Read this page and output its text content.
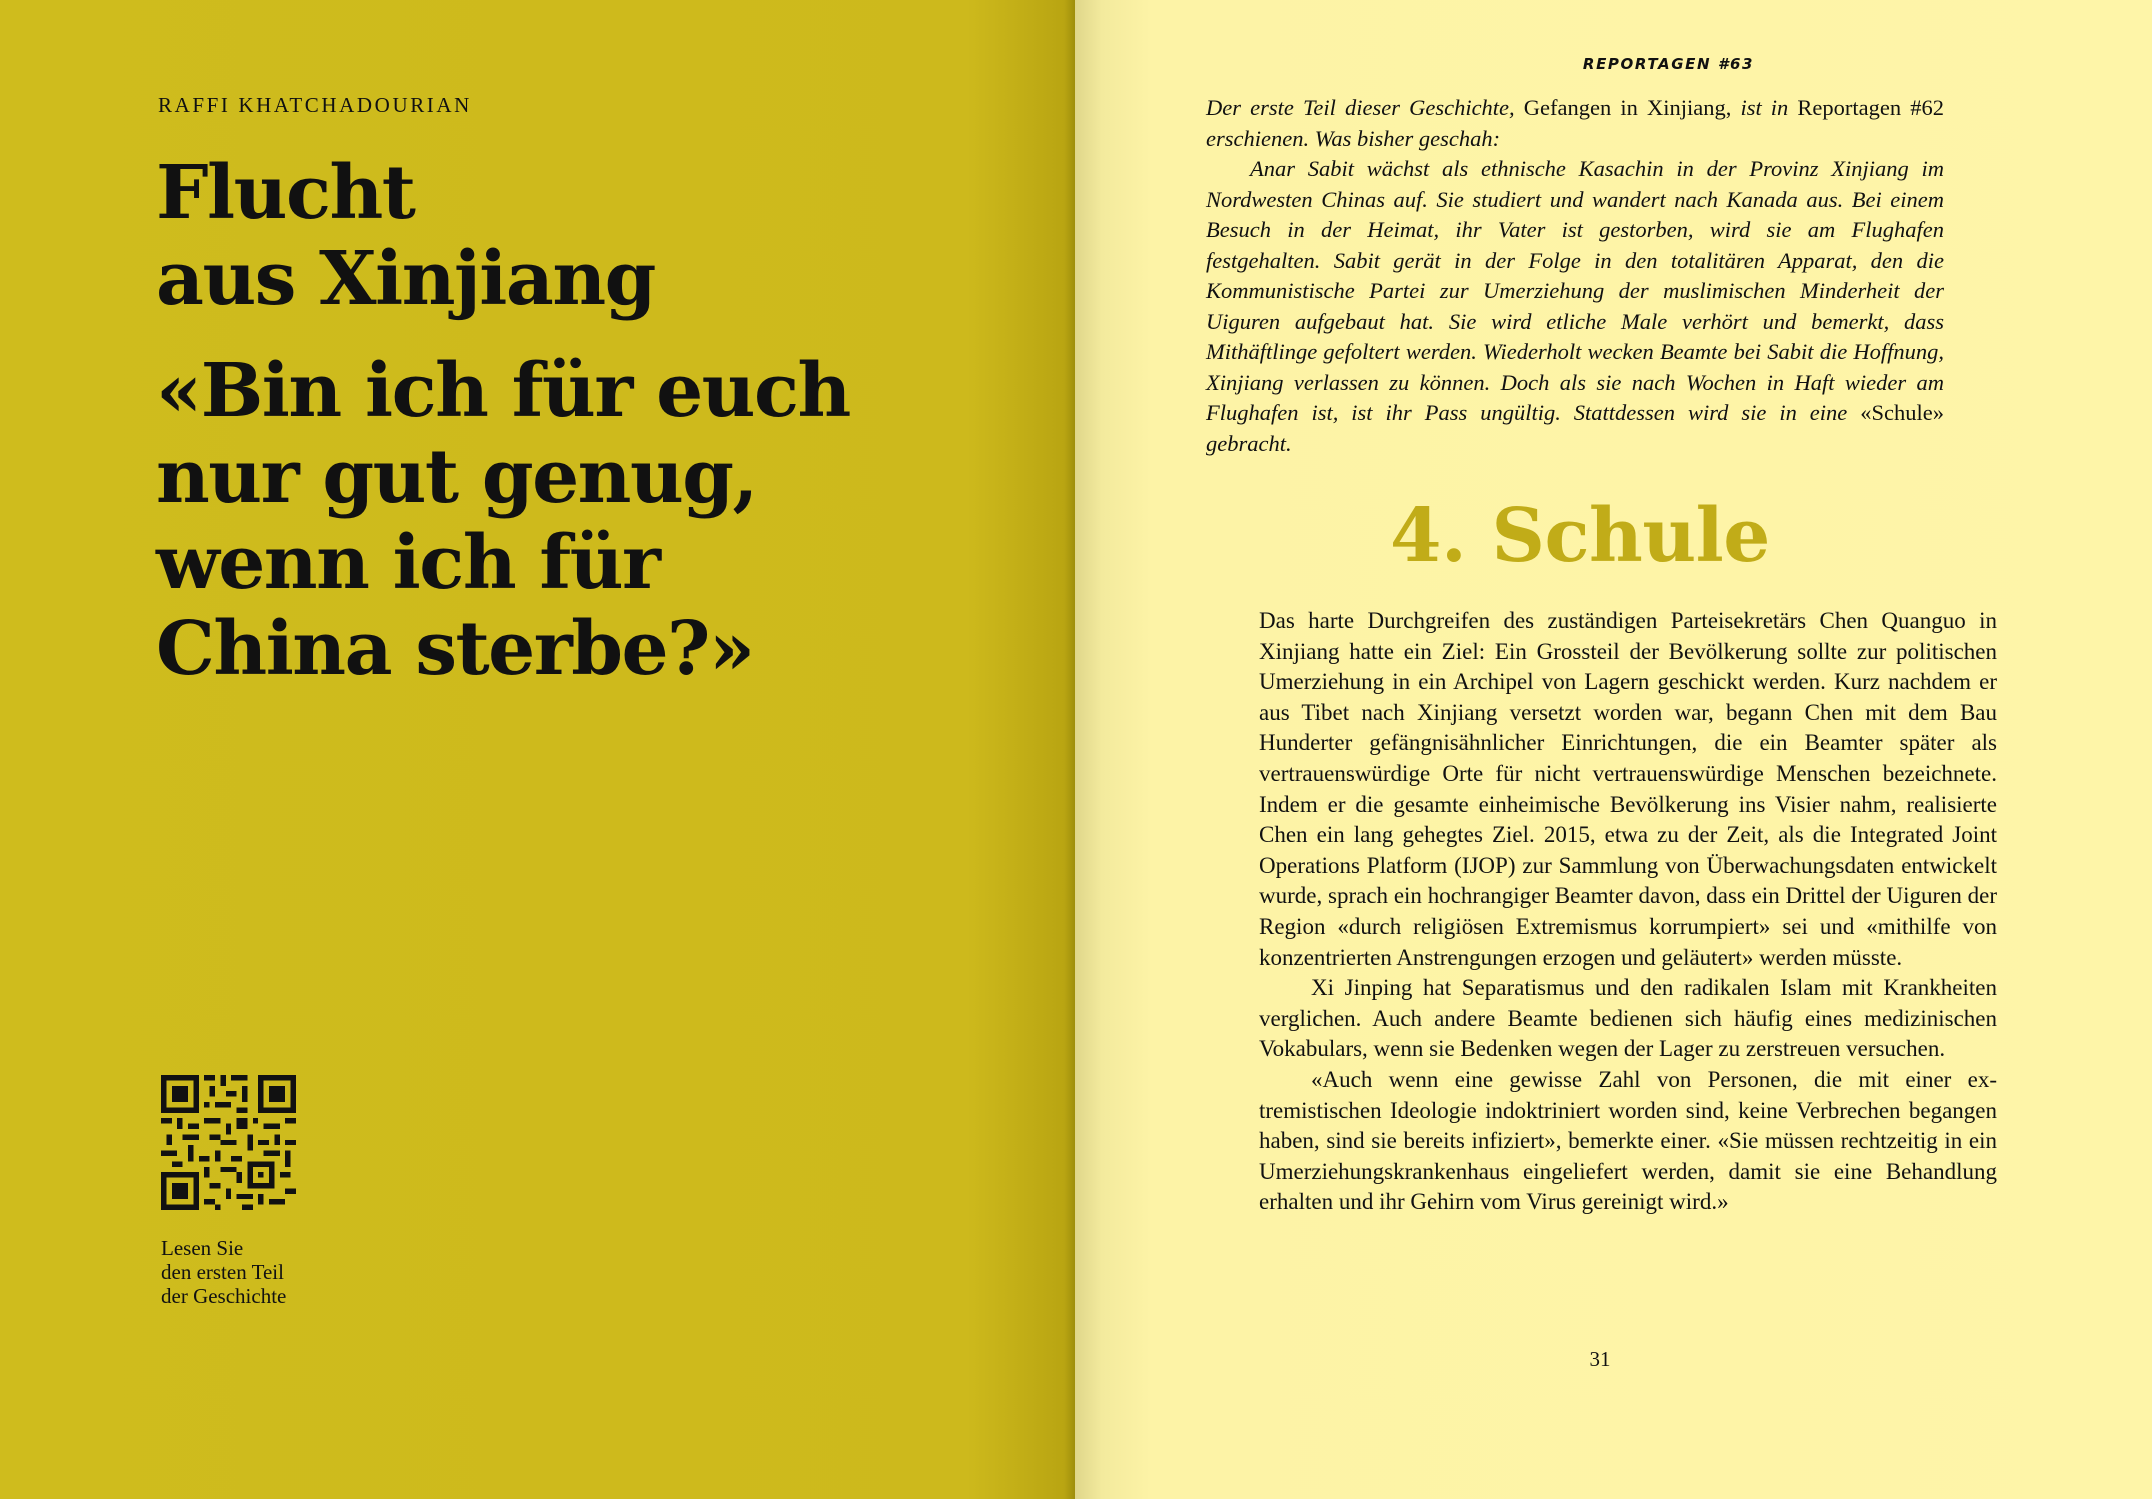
RAFFI KHATCHADOURIAN
Flucht
aus Xinjiang
«Bin ich für euch
nur gut genug,
wenn ich für
China sterbe?»
Lesen Sie
den ersten Teil
der Geschichte
REPORTAGEN #63

Der erste Teil dieser Geschichte, Gefangen in Xinjiang, ist in Reportagen #62 erschienen. Was bisher geschah:

Anar Sabit wächst als ethnische Kasachin in der Provinz Xinjiang im Nordwesten Chinas auf. Sie studiert und wandert nach Kanada aus. Bei einem Besuch in der Heimat, ihr Vater ist gestorben, wird sie am Flughafen festgehalten. Sabit gerät in der Folge in den totalitären Apparat, den die Kommunistische Partei zur Umerziehung der muslimischen Minderheit der Uiguren aufgebaut hat. Sie wird etliche Male verhört und bemerkt, dass Mithäftlinge gefoltert werden. Wiederholt wecken Beamte bei Sabit die Hoffnung, Xinjiang verlassen zu können. Doch als sie nach Wochen in Haft wieder am Flughafen ist, ist ihr Pass ungültig. Stattdessen wird sie in eine «Schule» gebracht.

4. Schule

Das harte Durchgreifen des zuständigen Parteisekretärs Chen Quanguo in Xinjiang hatte ein Ziel: Ein Grossteil der Bevölkerung sollte zur politischen Umerziehung in ein Archipel von Lagern geschickt werden. Kurz nachdem er aus Tibet nach Xinjiang versetzt worden war, begann Chen mit dem Bau Hunderter gefängnisähnlicher Einrichtungen, die ein Beamter später als vertrauenswürdige Orte für nicht vertrauenswürdige Menschen bezeichnete. Indem er die gesamte einheimische Bevölkerung ins Visier nahm, realisierte Chen ein lang gehegtes Ziel. 2015, etwa zu der Zeit, als die Integrated Joint Operations Platform (IJOP) zur Sammlung von Überwachungsdaten entwickelt wurde, sprach ein hochrangiger Beamter davon, dass ein Drittel der Uiguren der Region «durch religiösen Extremismus korrumpiert» sei und «mithilfe von konzentrierten Anstrengungen erzogen und geläutert» werden müsste.

Xi Jinping hat Separatismus und den radikalen Islam mit Krankheiten verglichen. Auch andere Beamte bedienen sich häufig eines medizinischen Vokabulars, wenn sie Bedenken wegen der Lager zu zerstreuen versuchen.

«Auch wenn eine gewisse Zahl von Personen, die mit einer extremistischen Ideologie indoktriniert worden sind, keine Verbrechen begangen haben, sind sie bereits infiziert», bemerkte einer. «Sie müssen rechtzeitig in ein Umerziehungskrankenhaus eingeliefert werden, damit sie eine Behandlung erhalten und ihr Gehirn vom Virus gereinigt wird.»

31
